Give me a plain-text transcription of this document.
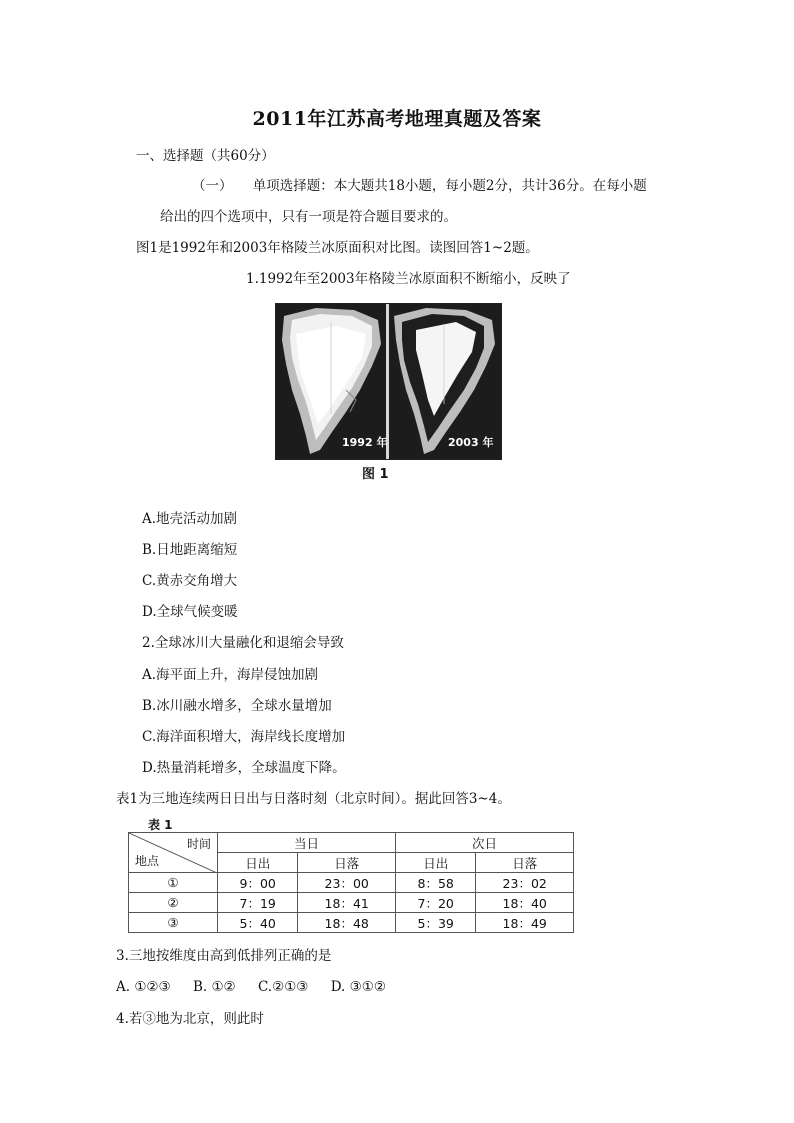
2011年江苏高考地理真题及答案
一、选择题（共60分）
（一）　　单项选择题：本大题共18小题，每小题2分，共计36分。在每小题
给出的四个选项中，只有一项是符合题目要求的。
图1是1992年和2003年格陵兰冰原面积对比图。读图回答1~2题。
1.1992年至2003年格陵兰冰原面积不断缩小，反映了
1992 年	2003 年
图 1
A.地壳活动加剧
B.日地距离缩短
C.黄赤交角增大
D.全球气候变暖
2.全球冰川大量融化和退缩会导致
A.海平面上升，海岸侵蚀加剧
B.冰川融水增多，全球水量增加
C.海洋面积增大，海岸线长度增加
D.热量消耗增多，全球温度下降。
表1为三地连续两日日出与日落时刻（北京时间）。据此回答3~4。
表 1
时间
地点	当日		次日	
	日出	日落	日出	日落
①	9：00	23：00	8：58	23：02
②	7：19	18：41	7：20	18：40
③	5：40	18：48	5：39	18：49
3.三地按维度由高到低排列正确的是
A. ①②③ B. ①② C.②①③ D. ③①②
4.若③地为北京，则此时
